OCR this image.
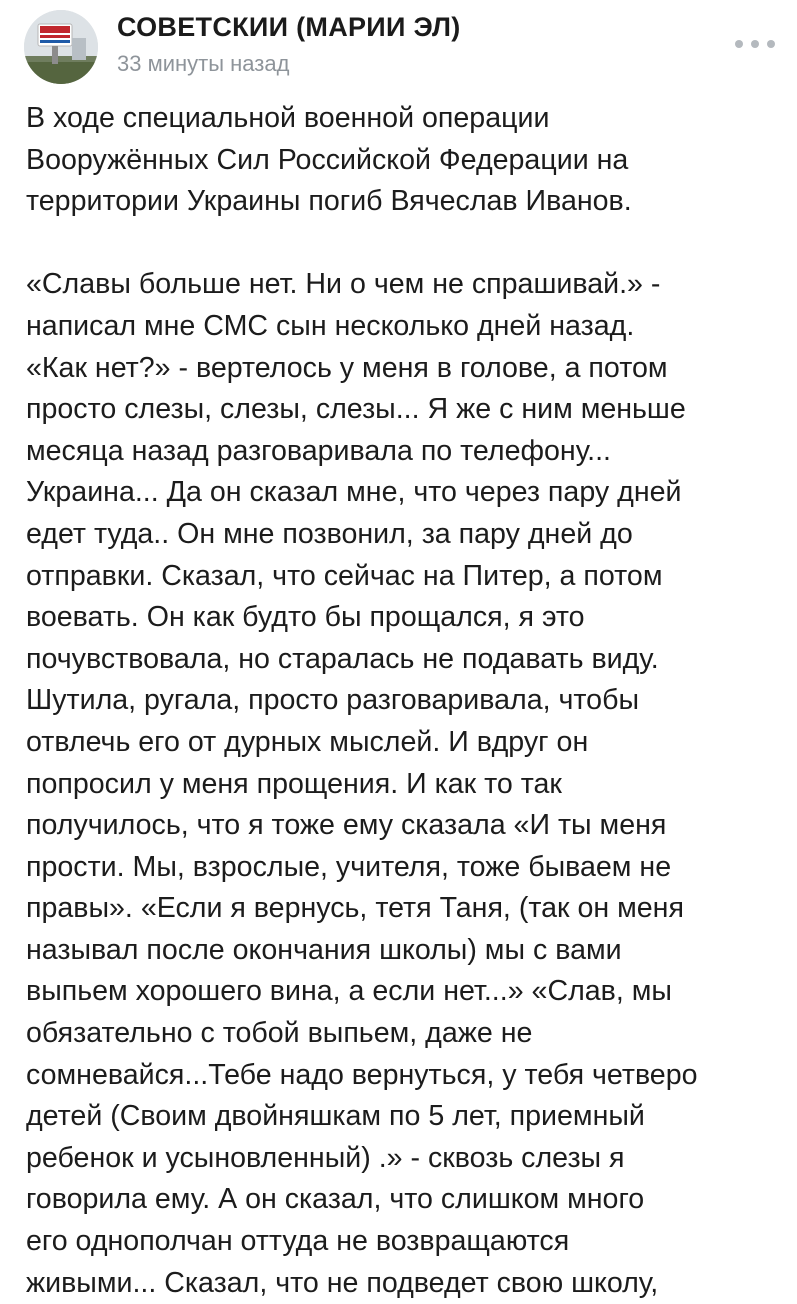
СОВЕТСКИИ (МАРИИ ЭЛ)
33 минуты назад
В ходе специальной военной операции
Вооружённых Сил Российской Федерации на
территории Украины погиб Вячеслав Иванов.
«Славы больше нет. Ни о чем не спрашивай.» -
написал мне СМС сын несколько дней назад.
«Как нет?» - вертелось у меня в голове, а потом
просто слезы, слезы, слезы... Я же с ним меньше
месяца назад разговаривала по телефону...
Украина... Да он сказал мне, что через пару дней
едет туда.. Он мне позвонил, за пару дней до
отправки. Сказал, что сейчас на Питер, а потом
воевать. Он как будто бы прощался, я это
почувствовала, но старалась не подавать виду.
Шутила, ругала, просто разговаривала, чтобы
отвлечь его от дурных мыслей. И вдруг он
попросил у меня прощения. И как то так
получилось, что я тоже ему сказала «И ты меня
прости. Мы, взрослые, учителя, тоже бываем не
правы». «Если я вернусь, тетя Таня, (так он меня
называл после окончания школы) мы с вами
выпьем хорошего вина, а если нет...» «Слав, мы
обязательно с тобой выпьем, даже не
сомневайся...Тебе надо вернуться, у тебя четверо
детей (Своим двойняшкам по 5 лет, приемный
ребенок и усыновленный) .» - сквозь слезы я
говорила ему. А он сказал, что слишком много
его однополчан оттуда не возвращаются
живыми... Сказал, что не подведет свою школу,
